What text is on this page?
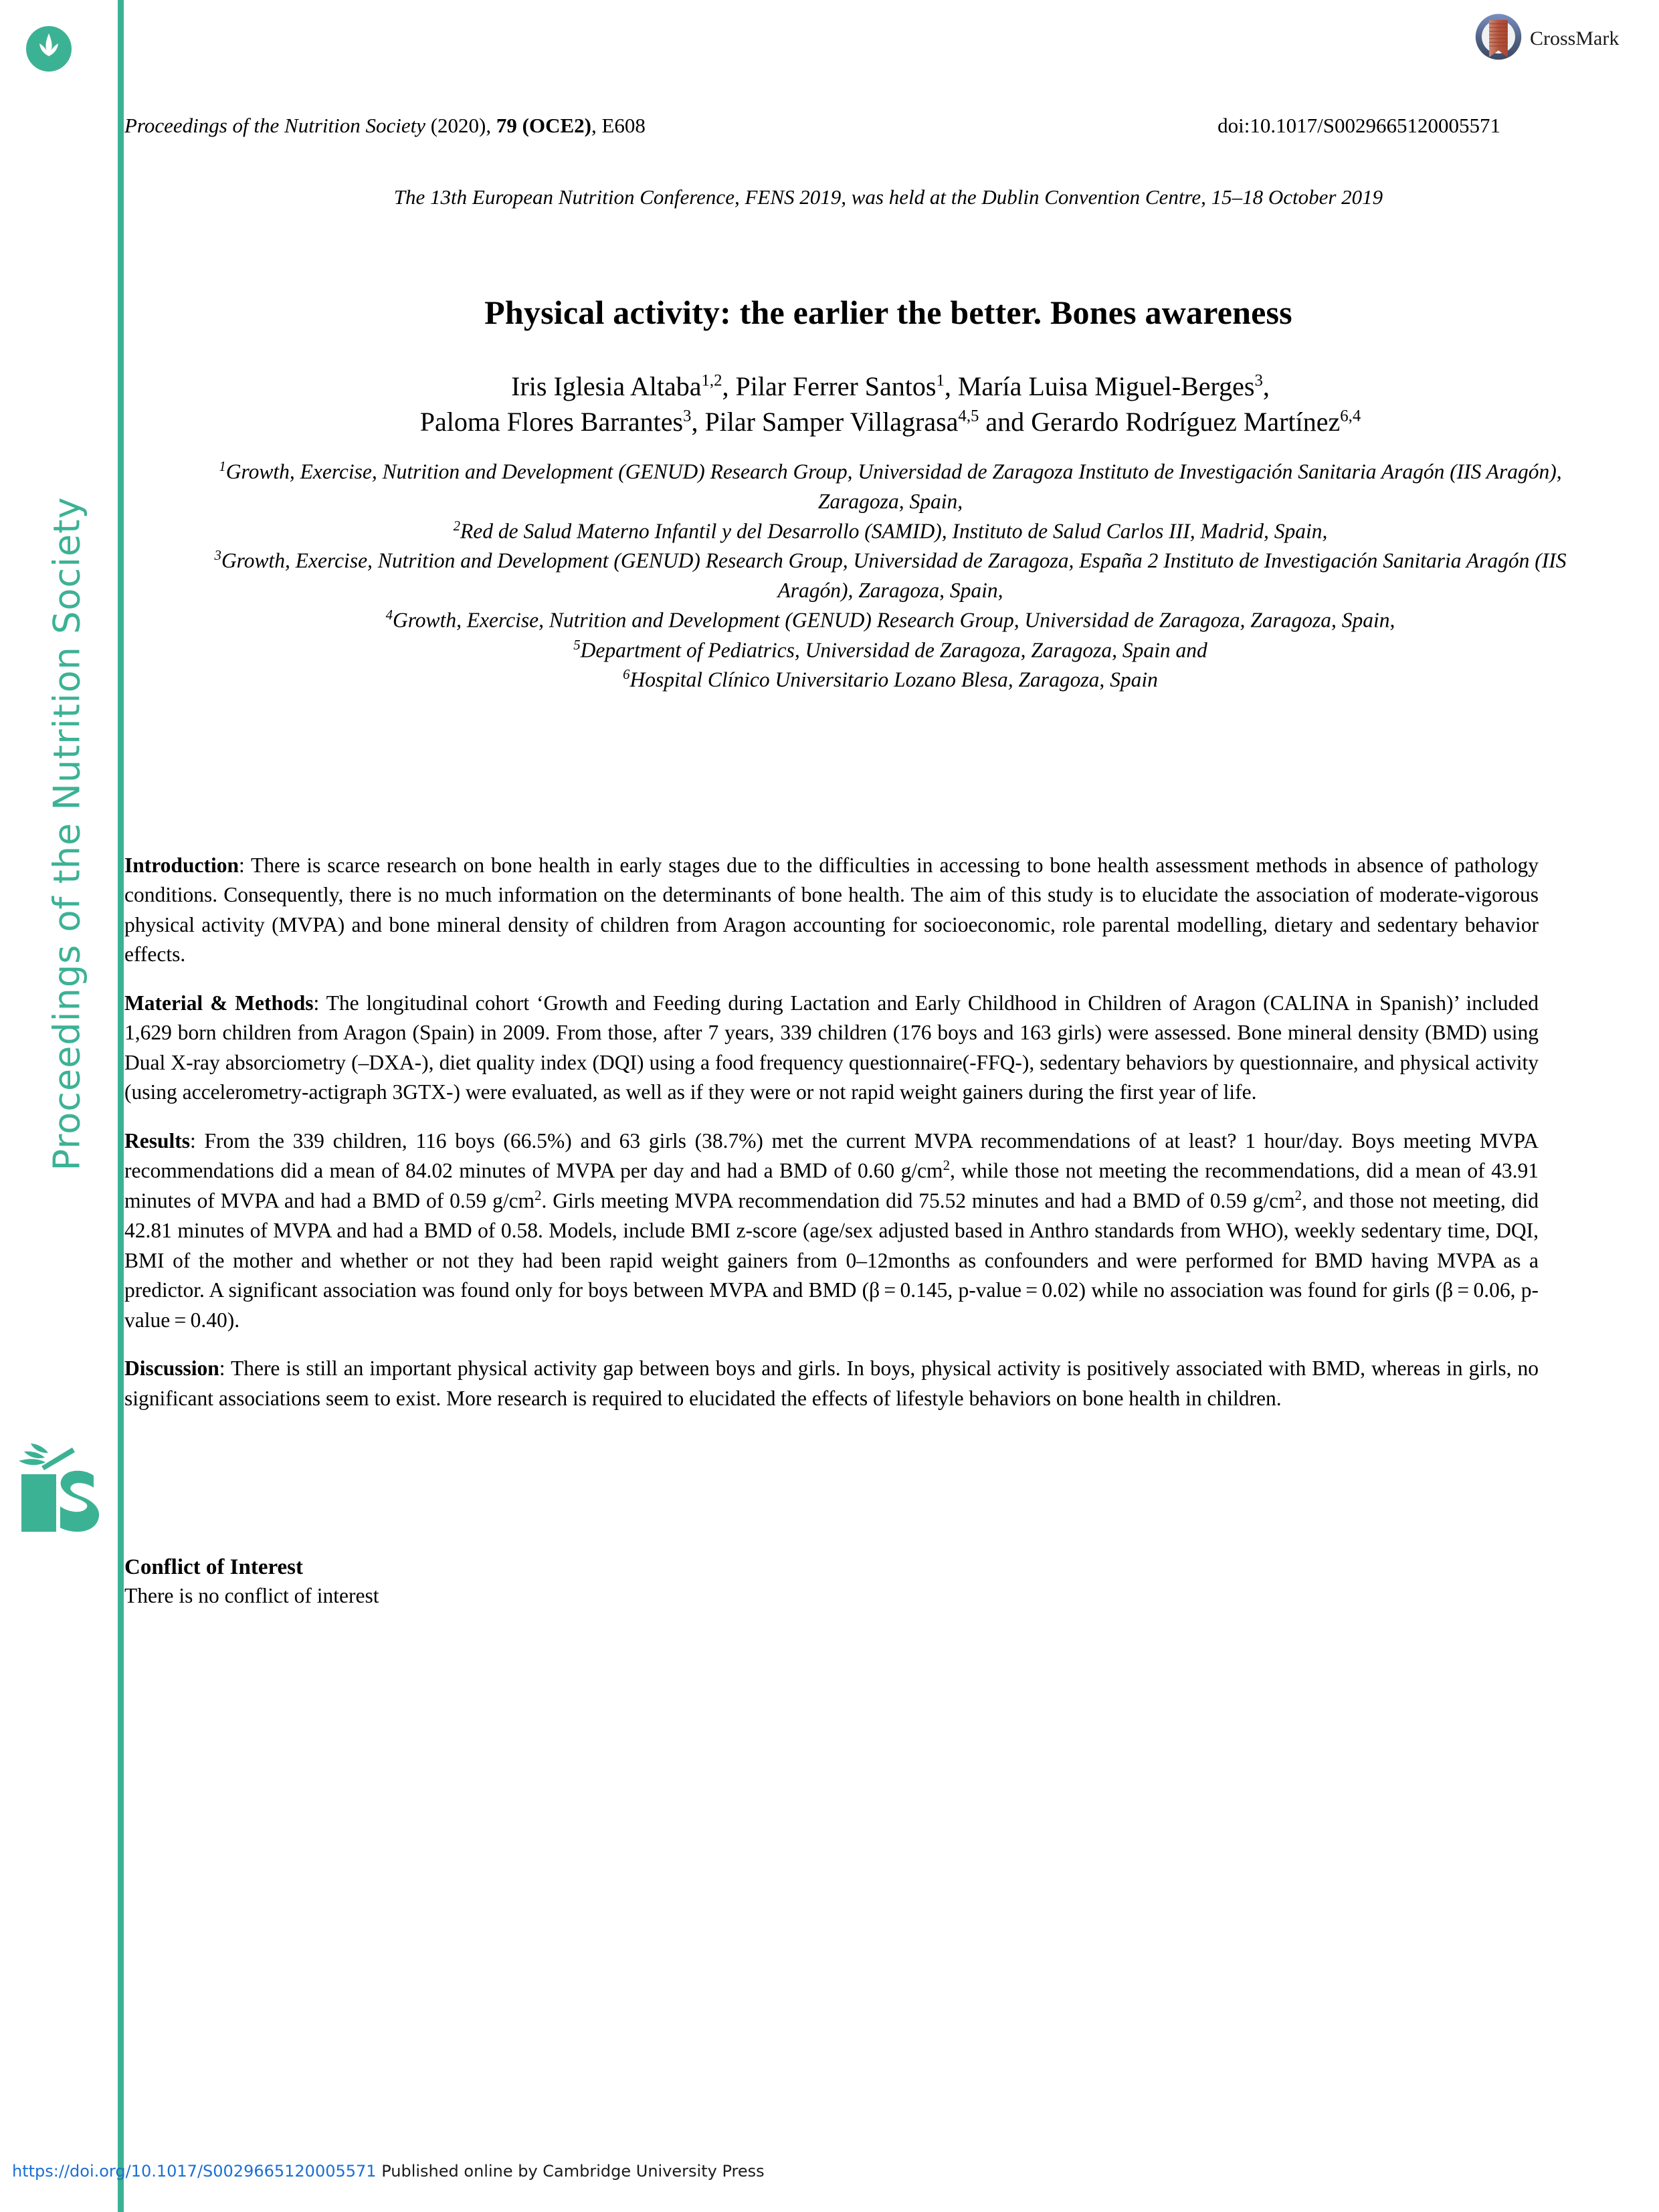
Proceedings of the Nutrition Society
CrossMark
Proceedings of the Nutrition Society (2020), 79 (OCE2), E608	doi:10.1017/S0029665120005571
The 13th European Nutrition Conference, FENS 2019, was held at the Dublin Convention Centre, 15–18 October 2019
Physical activity: the earlier the better. Bones awareness
Iris Iglesia Altaba$^{1,2}$, Pilar Ferrer Santos$^1$, María Luisa Miguel-Berges$^3$,
Paloma Flores Barrantes$^3$, Pilar Samper Villagrasa$^{4,5}$ and Gerardo Rodríguez Martínez$^{6,4}$
$^1$Growth, Exercise, Nutrition and Development (GENUD) Research Group, Universidad de Zaragoza Instituto de Investigación Sanitaria Aragón (IIS Aragón), Zaragoza, Spain,
$^2$Red de Salud Materno Infantil y del Desarrollo (SAMID), Instituto de Salud Carlos III, Madrid, Spain,
$^3$Growth, Exercise, Nutrition and Development (GENUD) Research Group, Universidad de Zaragoza, España 2 Instituto de Investigación Sanitaria Aragón (IIS Aragón), Zaragoza, Spain,
$^4$Growth, Exercise, Nutrition and Development (GENUD) Research Group, Universidad de Zaragoza, Zaragoza, Spain,
$^5$Department of Pediatrics, Universidad de Zaragoza, Zaragoza, Spain and
$^6$Hospital Clínico Universitario Lozano Blesa, Zaragoza, Spain

Introduction: There is scarce research on bone health in early stages due to the difficulties in accessing to bone health assessment methods in absence of pathology conditions. Consequently, there is no much information on the determinants of bone health. The aim of this study is to elucidate the association of moderate-vigorous physical activity (MVPA) and bone mineral density of children from Aragon accounting for socioeconomic, role parental modelling, dietary and sedentary behavior effects.

Material & Methods: The longitudinal cohort ‘Growth and Feeding during Lactation and Early Childhood in Children of Aragon (CALINA in Spanish)’ included 1,629 born children from Aragon (Spain) in 2009. From those, after 7 years, 339 children (176 boys and 163 girls) were assessed. Bone mineral density (BMD) using Dual X-ray absorciometry (–DXA-), diet quality index (DQI) using a food frequency questionnaire(-FFQ-), sedentary behaviors by questionnaire, and physical activity (using accelerometry-actigraph 3GTX-) were evaluated, as well as if they were or not rapid weight gainers during the first year of life.

Results: From the 339 children, 116 boys (66.5%) and 63 girls (38.7%) met the current MVPA recommendations of at least? 1 hour/day. Boys meeting MVPA recommendations did a mean of 84.02 minutes of MVPA per day and had a BMD of 0.60 $g/cm^2$, while those not meeting the recommendations, did a mean of 43.91 minutes of MVPA and had a BMD of 0.59 $g/cm^2$. Girls meeting MVPA recommendation did 75.52 minutes and had a BMD of 0.59 $g/cm^2$, and those not meeting, did 42.81 minutes of MVPA and had a BMD of 0.58. Models, include BMI z-score (age/sex adjusted based in Anthro standards from WHO), weekly sedentary time, DQI, BMI of the mother and whether or not they had been rapid weight gainers from 0–12months as confounders and were performed for BMD having MVPA as a predictor. A significant association was found only for boys between MVPA and BMD (β = 0.145, p-value = 0.02) while no association was found for girls (β = 0.06, p-value = 0.40).

Discussion: There is still an important physical activity gap between boys and girls. In boys, physical activity is positively associated with BMD, whereas in girls, no significant associations seem to exist. More research is required to elucidated the effects of lifestyle behaviors on bone health in children.

Conflict of Interest

There is no conflict of interest

https://doi.org/10.1017/S0029665120005571 Published online by Cambridge University Press
